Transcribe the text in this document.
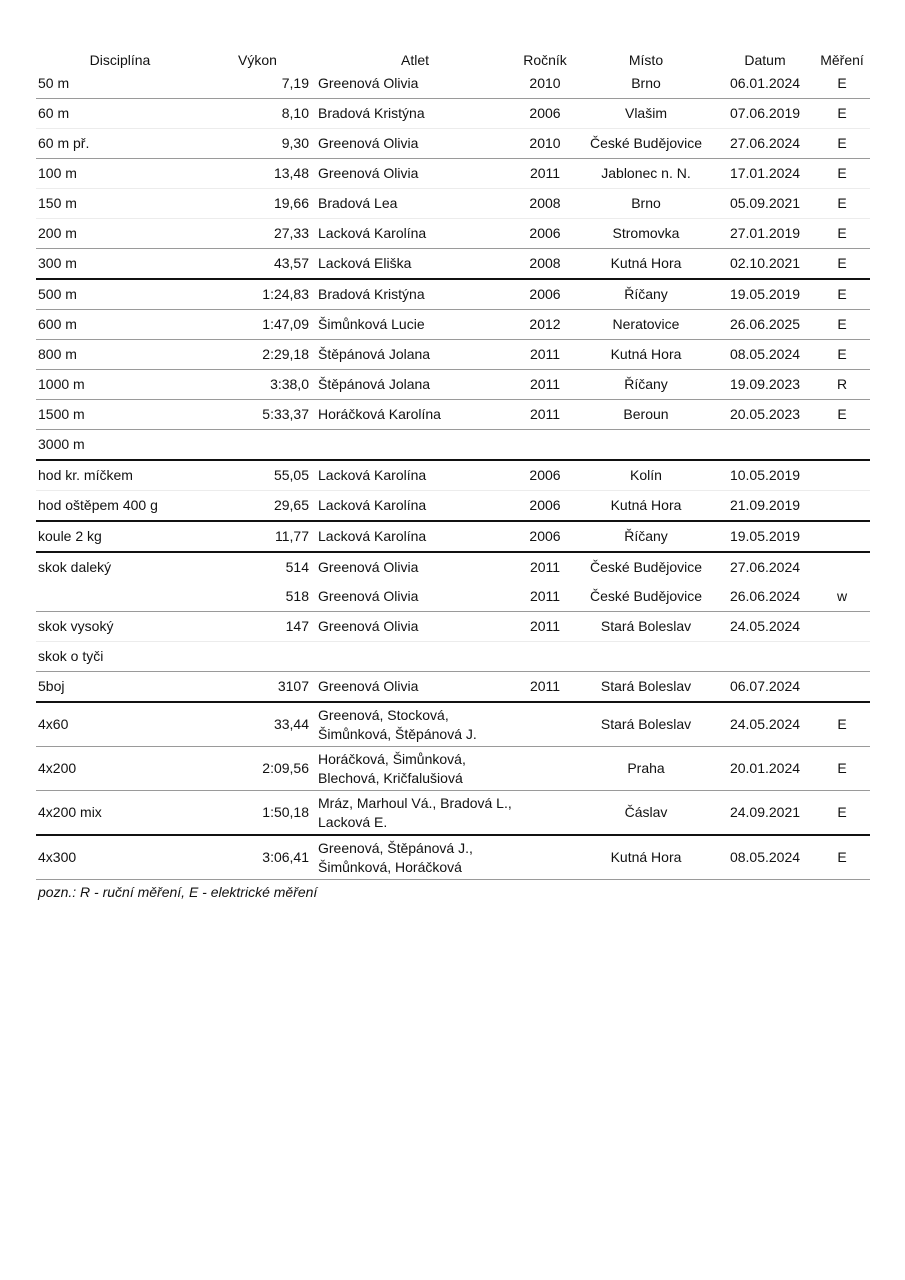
Disciplína	Výkon	Atlet	Ročník	Místo	Datum	Měření
50 m	7,19	Greenová Olivia	2010	Brno	06.01.2024	E
60 m	8,10	Bradová Kristýna	2006	Vlašim	07.06.2019	E
60 m př.	9,30	Greenová Olivia	2010	České Budějovice	27.06.2024	E
100 m	13,48	Greenová Olivia	2011	Jablonec n. N.	17.01.2024	E
150 m	19,66	Bradová Lea	2008	Brno	05.09.2021	E
200 m	27,33	Lacková Karolína	2006	Stromovka	27.01.2019	E
300 m	43,57	Lacková Eliška	2008	Kutná Hora	02.10.2021	E
500 m	1:24,83	Bradová Kristýna	2006	Říčany	19.05.2019	E
600 m	1:47,09	Šimůnková Lucie	2012	Neratovice	26.06.2025	E
800 m	2:29,18	Štěpánová Jolana	2011	Kutná Hora	08.05.2024	E
1000 m	3:38,0	Štěpánová Jolana	2011	Říčany	19.09.2023	R
1500 m	5:33,37	Horáčková Karolína	2011	Beroun	20.05.2023	E
3000 m						
hod kr. míčkem	55,05	Lacková Karolína	2006	Kolín	10.05.2019	
hod oštěpem 400 g	29,65	Lacková Karolína	2006	Kutná Hora	21.09.2019	
koule 2 kg	11,77	Lacková Karolína	2006	Říčany	19.05.2019	
skok daleký	514	Greenová Olivia	2011	České Budějovice	27.06.2024	
	518	Greenová Olivia	2011	České Budějovice	26.06.2024	w
skok vysoký	147	Greenová Olivia	2011	Stará Boleslav	24.05.2024	
skok o tyči						
5boj	3107	Greenová Olivia	2011	Stará Boleslav	06.07.2024	
4x60	33,44	Greenová, Stocková, Šimůnková, Štěpánová J.		Stará Boleslav	24.05.2024	E
4x200	2:09,56	Horáčková, Šimůnková, Blechová, Kričfalušiová		Praha	20.01.2024	E
4x200 mix	1:50,18	Mráz, Marhoul Vá., Bradová L., Lacková E.		Čáslav	24.09.2021	E
4x300	3:06,41	Greenová, Štěpánová J., Šimůnková, Horáčková		Kutná Hora	08.05.2024	E
pozn.: R - ruční měření, E - elektrické měření
